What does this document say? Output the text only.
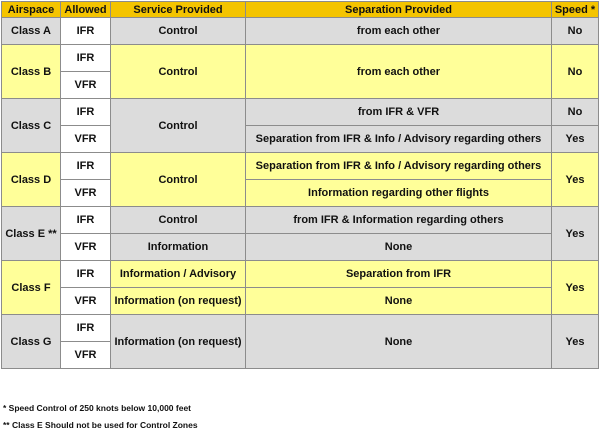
Airspace	Allowed	Service Provided	Separation Provided	Speed *
Class A	IFR	Control	from each other	No
Class B	IFR	Control	from each other	No
	VFR			
Class C	IFR	Control	from IFR & VFR	No
	VFR		Separation from IFR & Info / Advisory regarding others	Yes
Class D	IFR	Control	Separation from IFR & Info / Advisory regarding others	Yes
	VFR		Information regarding other flights	
Class E **	IFR	Control	from IFR & Information regarding others	Yes
	VFR	Information	None	
Class F	IFR	Information / Advisory	Separation from IFR	Yes
	VFR	Information (on request)	None	
Class G	IFR	Information (on request)	None	Yes
	VFR			
* Speed Control of 250 knots below 10,000 feet
** Class E Should not be used for Control Zones
